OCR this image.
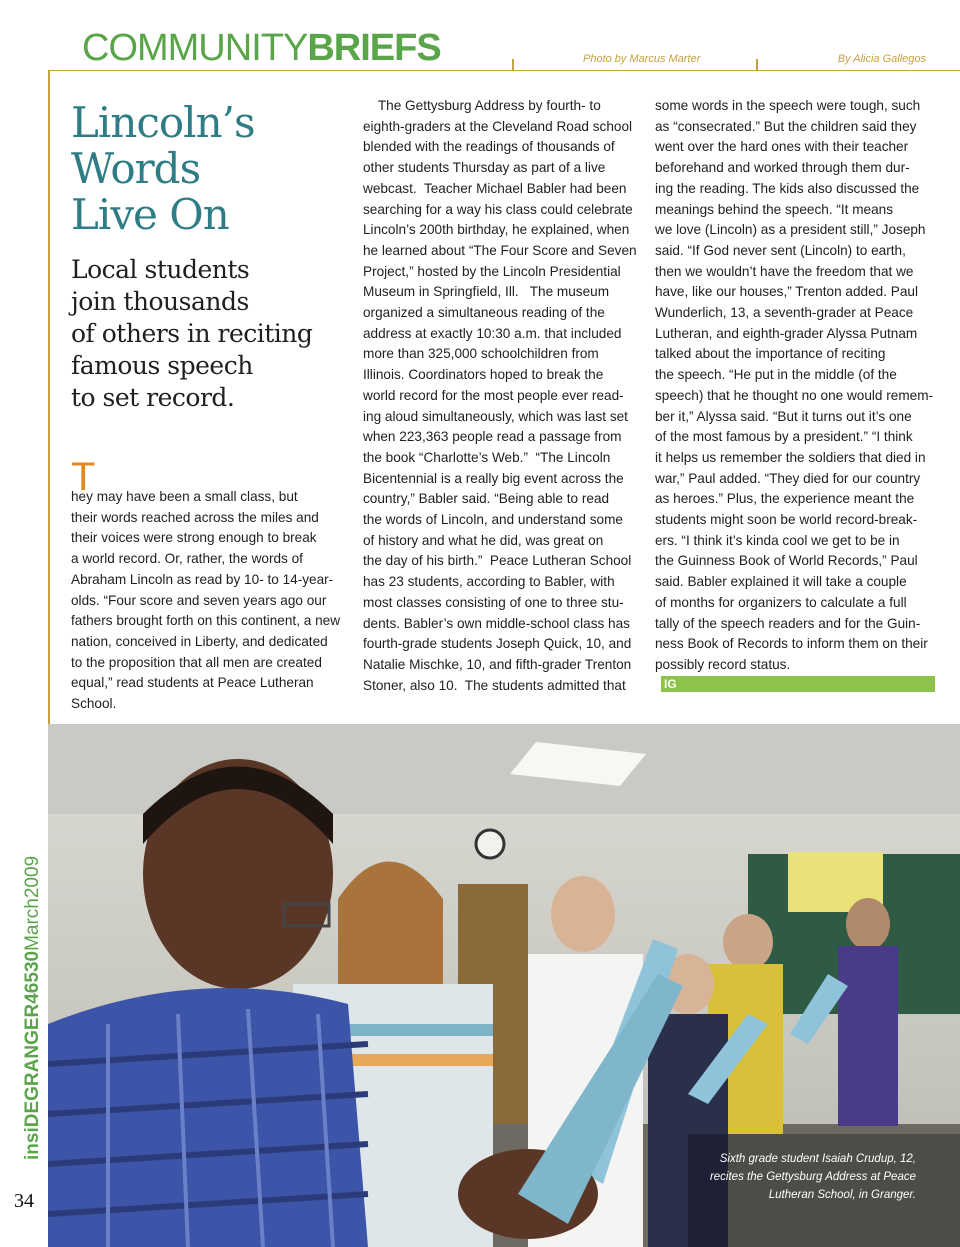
COMMUNITYBRIEFS	Photo by Marcus Marter	By Alicia Gallegos
insiDEGRANGER46530March2009
34
Lincoln’s
Words
Live On
Local students
join thousands
of others in reciting
famous speech
to set record.
T
hey may have been a small class, but
their words reached across the miles and
their voices were strong enough to break
a world record. Or, rather, the words of
Abraham Lincoln as read by 10- to 14-year-
olds. “Four score and seven years ago our
fathers brought forth on this continent, a new
nation, conceived in Liberty, and dedicated
to the proposition that all men are created
equal,” read students at Peace Lutheran
School.
The Gettysburg Address by fourth- to
eighth-graders at the Cleveland Road school
blended with the readings of thousands of
other students Thursday as part of a live
webcast.  Teacher Michael Babler had been
searching for a way his class could celebrate
Lincoln’s 200th birthday, he explained, when
he learned about “The Four Score and Seven
Project,” hosted by the Lincoln Presidential
Museum in Springfield, Ill.   The museum
organized a simultaneous reading of the
address at exactly 10:30 a.m. that included
more than 325,000 schoolchildren from
Illinois. Coordinators hoped to break the
world record for the most people ever read-
ing aloud simultaneously, which was last set
when 223,363 people read a passage from
the book “Charlotte’s Web.”  “The Lincoln
Bicentennial is a really big event across the
country,” Babler said. “Being able to read
the words of Lincoln, and understand some
of history and what he did, was great on
the day of his birth.”  Peace Lutheran School
has 23 students, according to Babler, with
most classes consisting of one to three stu-
dents. Babler’s own middle-school class has
fourth-grade students Joseph Quick, 10, and
Natalie Mischke, 10, and fifth-grader Trenton
Stoner, also 10.  The students admitted that
some words in the speech were tough, such
as “consecrated.” But the children said they
went over the hard ones with their teacher
beforehand and worked through them dur-
ing the reading. The kids also discussed the
meanings behind the speech. “It means
we love (Lincoln) as a president still,” Joseph
said. “If God never sent (Lincoln) to earth,
then we wouldn’t have the freedom that we
have, like our houses,” Trenton added. Paul
Wunderlich, 13, a seventh-grader at Peace
Lutheran, and eighth-grader Alyssa Putnam
talked about the importance of reciting
the speech. “He put in the middle (of the
speech) that he thought no one would remem-
ber it,” Alyssa said. “But it turns out it’s one
of the most famous by a president.” “I think
it helps us remember the soldiers that died in
war,” Paul added. “They died for our country
as heroes.” Plus, the experience meant the
students might soon be world record-break-
ers. “I think it’s kinda cool we get to be in
the Guinness Book of World Records,” Paul
said. Babler explained it will take a couple
of months for organizers to calculate a full
tally of the speech readers and for the Guin-
ness Book of Records to inform them on their
possibly record status.
IG
Sixth grade student Isaiah Crudup, 12,
recites the Gettysburg Address at Peace
Lutheran School, in Granger.
